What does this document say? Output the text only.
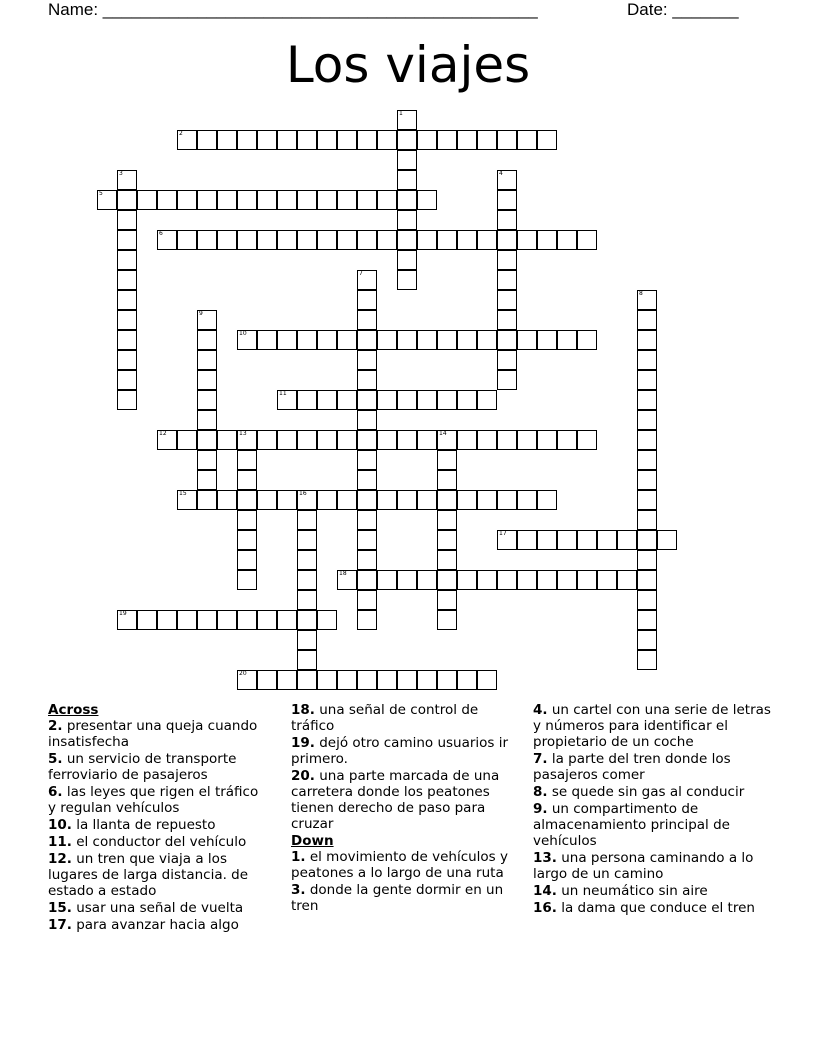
Name: ______________________________________________	Date: _______
Los viajes
1
2
3	4
5
6
7
8
9
10
11
12	13	14
15	16
17
18
19
20
Across
2. presentar una queja cuando insatisfecha
5. un servicio de transporte ferroviario de pasajeros
6. las leyes que rigen el tráfico y regulan vehículos
10. la llanta de repuesto
11. el conductor del vehículo
12. un tren que viaja a los lugares de larga distancia. de estado a estado
15. usar una señal de vuelta
17. para avanzar hacia algo
18. una señal de control de tráfico
19. dejó otro camino usuarios ir primero.
20. una parte marcada de una carretera donde los peatones tienen derecho de paso para cruzar
Down
1. el movimiento de vehículos y peatones a lo largo de una ruta
3. donde la gente dormir en un tren
4. un cartel con una serie de letras y números para identificar el propietario de un coche
7. la parte del tren donde los pasajeros comer
8. se quede sin gas al conducir
9. un compartimento de almacenamiento principal de vehículos
13. una persona caminando a lo largo de un camino
14. un neumático sin aire
16. la dama que conduce el tren
